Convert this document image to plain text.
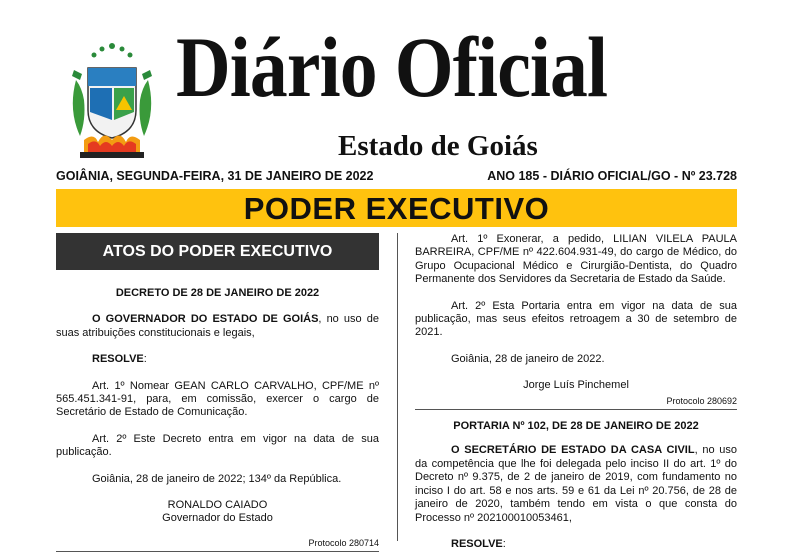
Diário Oficial
Estado de Goiás
GOIÂNIA, SEGUNDA-FEIRA, 31 DE JANEIRO DE 2022	ANO 185 - DIÁRIO OFICIAL/GO - Nº 23.728
PODER EXECUTIVO
ATOS DO PODER EXECUTIVO

DECRETO DE 28 DE JANEIRO DE 2022

O GOVERNADOR DO ESTADO DE GOIÁS, no uso de suas atribuições constitucionais e legais,

RESOLVE:

Art. 1º Nomear GEAN CARLO CARVALHO, CPF/ME nº 565.451.341-91, para, em comissão, exercer o cargo de Secretário de Estado de Comunicação.

Art. 2º Este Decreto entra em vigor na data de sua publicação.

Goiânia, 28 de janeiro de 2022; 134º da República.

RONALDO CAIADO

Governador do Estado

Protocolo 280714

Art. 1º Exonerar, a pedido, LILIAN VILELA PAULA BARREIRA, CPF/ME nº 422.604.931-49, do cargo de Médico, do Grupo Ocupacional Médico e Cirurgião-Dentista, do Quadro Permanente dos Servidores da Secretaria de Estado da Saúde.

Art. 2º Esta Portaria entra em vigor na data de sua publicação, mas seus efeitos retroagem a 30 de setembro de 2021.

Goiânia, 28 de janeiro de 2022.

Jorge Luís Pinchemel

Protocolo 280692

PORTARIA Nº 102, DE 28 DE JANEIRO DE 2022

O SECRETÁRIO DE ESTADO DA CASA CIVIL, no uso da competência que lhe foi delegada pelo inciso II do art. 1º do Decreto nº 9.375, de 2 de janeiro de 2019, com fundamento no inciso I do art. 58 e nos arts. 59 e 61 da Lei nº 20.756, de 28 de janeiro de 2020, também tendo em vista o que consta do Processo nº 202100010053461,

RESOLVE:
